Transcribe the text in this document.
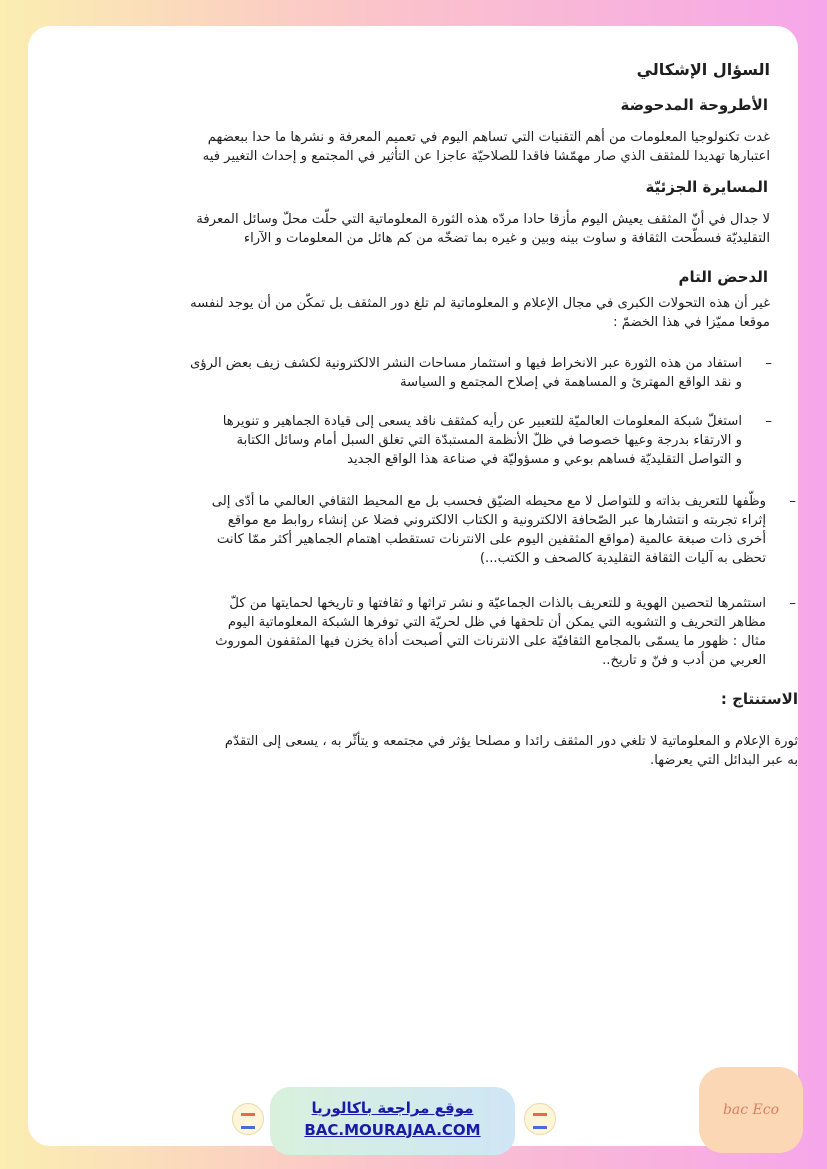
السؤال الإشكالي
الأطروحة المدحوضة

غدت تكنولوجيا المعلومات من أهم التقنيات التي تساهم اليوم في تعميم المعرفة و نشرها ما حدا ببعضهم

اعتبارها تهديدا للمثقف الذي صار مهمّشا فاقدا للصلاحيّة عاجزا عن التأثير في المجتمع و إحداث التغيير فيه

المسايرة الجزئيّة

لا جدال في أنّ المثقف يعيش اليوم مأزقا حادا مردّه هذه الثورة المعلوماتية التي حلّت محلّ وسائل المعرفة

التقليديّة فسطّحت الثقافة و ساوت بينه وبين و غيره بما تضخّه من كم هائل من المعلومات و الآراء

الدحض التام

غير أن هذه التحولات الكبرى في مجال الإعلام و المعلوماتية لم تلغ دور المثقف بل تمكّن من أن يوجد لنفسه

موقعا مميّزا في هذا الخضمّ :

–

استفاد من هذه الثورة عبر الانخراط فيها و استثمار مساحات النشر الالكترونية لكشف زيف بعض الرؤى

و نقد الواقع المهترئ و المساهمة في إصلاح المجتمع و السياسة

–

استغلّ شبكة المعلومات العالميّة للتعبير عن رأيه كمثقف ناقد يسعى إلى قيادة الجماهير و تنويرها

و الارتقاء بدرجة وعيها خصوصا في ظلّ الأنظمة المستبدّة التي تغلق السبل أمام وسائل الكتابة

و التواصل التقليديّة فساهم بوعي و مسؤوليّة في صناعة هذا الواقع الجديد

–

وظّفها للتعريف بذاته و للتواصل لا مع محيطه الضيّق فحسب بل مع المحيط الثقافي العالمي ما أدّى إلى

إثراء تجربته و انتشارها عبر الصّحافة الالكترونية و الكتاب الالكتروني فضلا عن إنشاء روابط مع مواقع

أخرى ذات صبغة عالمية (مواقع المثقفين اليوم على الانترنات تستقطب اهتمام الجماهير أكثر ممّا كانت

تحظى به آليات الثقافة التقليدية كالصحف و الكتب...)

–

استثمرها لتحصين الهوية و للتعريف بالذات الجماعيّة و نشر تراثها و ثقافتها و تاريخها لحمايتها من كلّ

مظاهر التحريف و التشويه التي يمكن أن تلحقها في ظل لحريّة التي توفرها الشبكة المعلوماتية اليوم

مثال : ظهور ما يسمّى بالمجامع الثقافيّة على الانترنات التي أصبحت أداة يخزن فيها المثقفون الموروث

العربي من أدب و فنّ و تاريخ..

الاستنتاج :

ثورة الإعلام و المعلوماتية لا تلغي دور المثقف رائدا و مصلحا يؤثر في مجتمعه و يتأثّر به ، يسعى إلى التقدّم

به عبر البدائل التي يعرضها.

موقع مراجعة باكالوريا
BAC.MOURAJAA.COM
bac Eco
